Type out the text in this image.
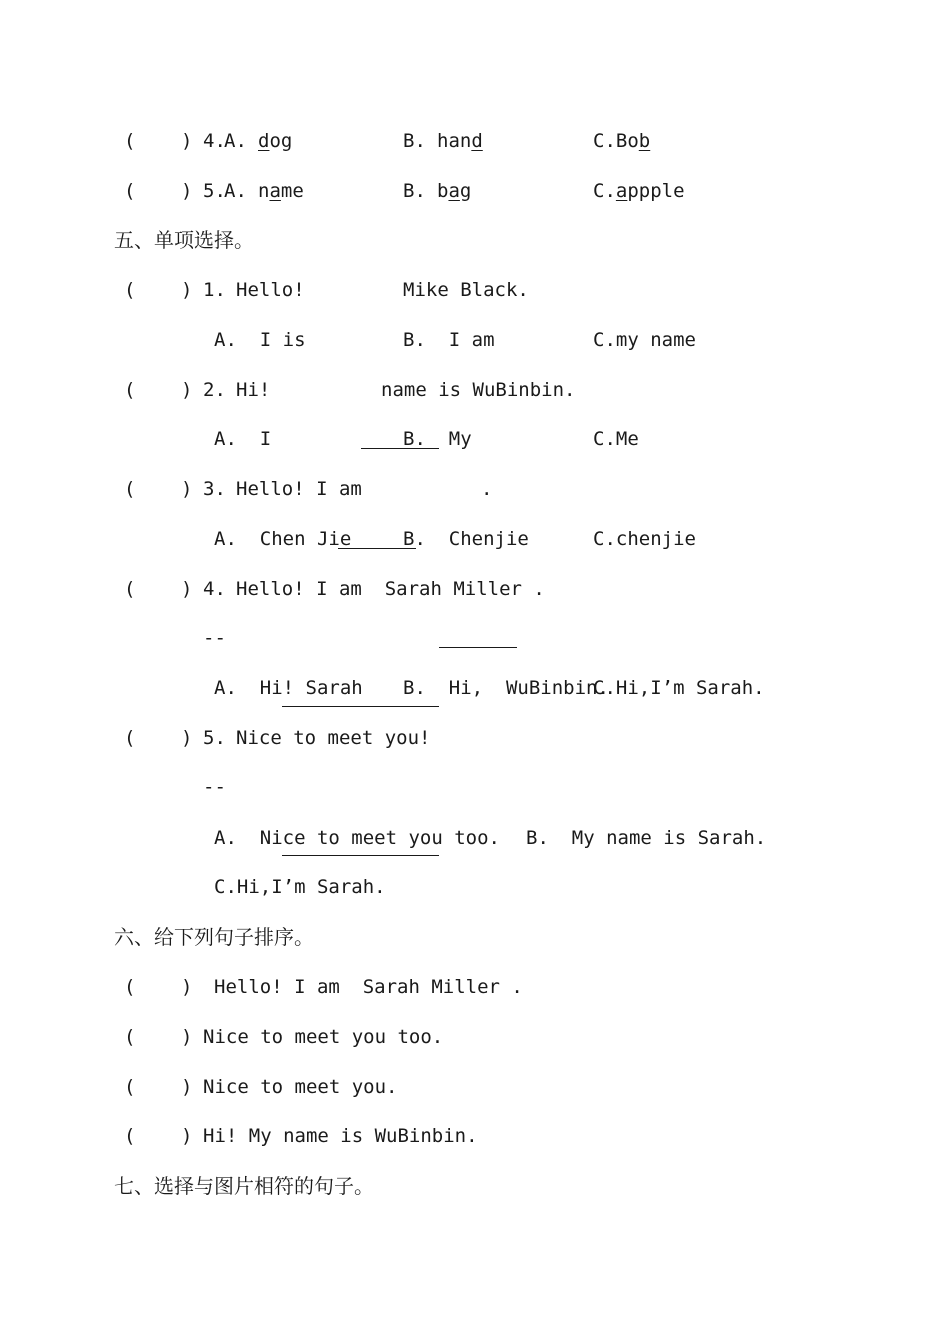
(

)

4.

A.

dog

	B.

hand

	C.Bob

(

)

5.

A.

name

	B.

bag

	C.appple

五、单项选择。

(

)

1.

Hello!

	Mike Black.

A.  I is

	B.  I am

	C.my name

(

)

2.

Hi!

	name is WuBinbin.

A.  I

	B.  My

	C.Me

(

)

3.

Hello! I am

	.

A.  Chen Jie

	B.  Chenjie

	C.chenjie

(

)

4.

Hello! I am  Sarah Miller .

--

A.  Hi! Sarah

B.  Hi,  WuBinbin.

C.Hi,I’m Sarah.

(

)

5.

Nice to meet you!

--

A.  Nice to meet you too.

B.  My name is Sarah.

C.Hi,I’m Sarah.

六、给下列句子排序。

(

)

Hello! I am  Sarah Miller .

(

)

Nice to meet you too.

(

)

Nice to meet you.

(

)

Hi! My name is WuBinbin.

七、选择与图片相符的句子。
